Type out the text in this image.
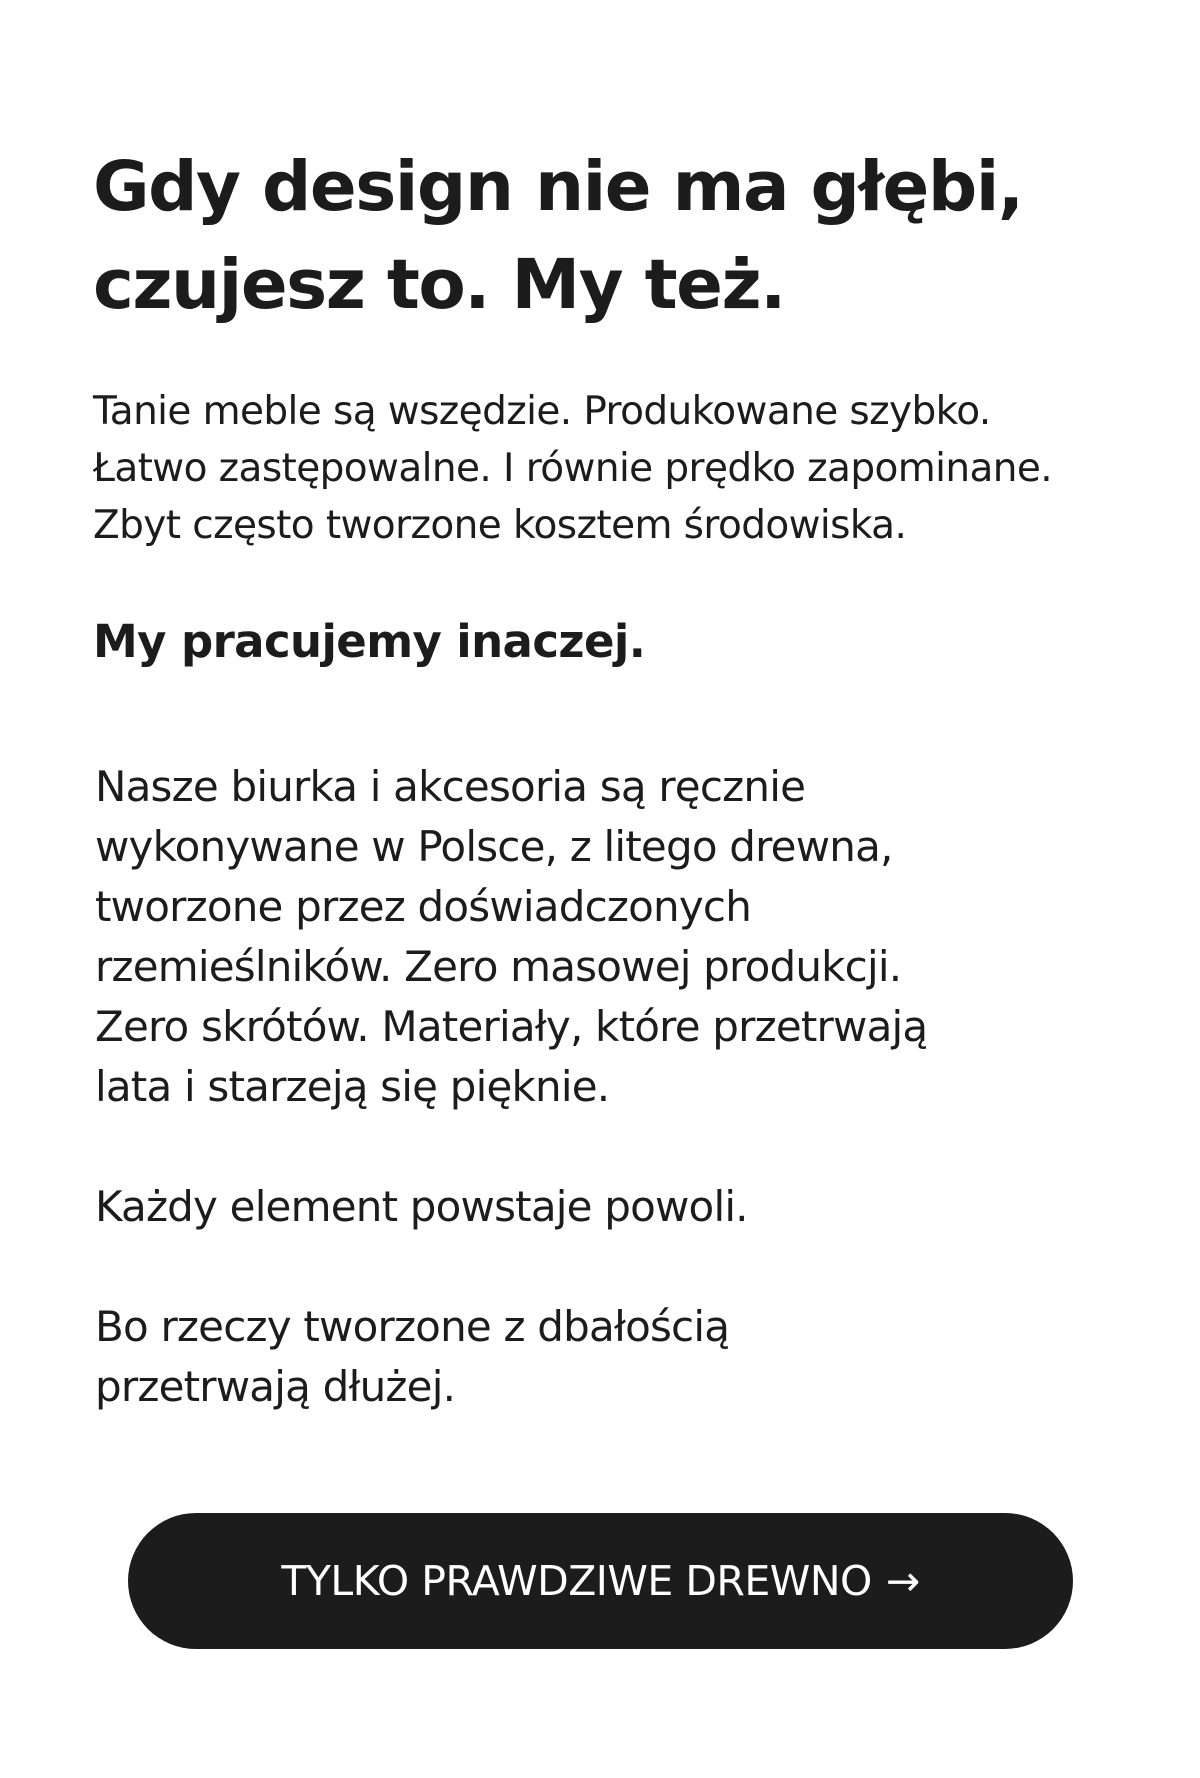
Gdy design nie ma głębi,
czujesz to. My też.

Tanie meble są wszędzie. Produkowane szybko.
Łatwo zastępowalne. I równie prędko zapominane.
Zbyt często tworzone kosztem środowiska.

My pracujemy inaczej.

Nasze biurka i akcesoria są ręcznie
wykonywane w Polsce, z litego drewna,
tworzone przez doświadczonych
rzemieślników. Zero masowej produkcji.
Zero skrótów. Materiały, które przetrwają
lata i starzeją się pięknie.

Każdy element powstaje powoli.

Bo rzeczy tworzone z dbałością
przetrwają dłużej.

TYLKO PRAWDZIWE DREWNO →
